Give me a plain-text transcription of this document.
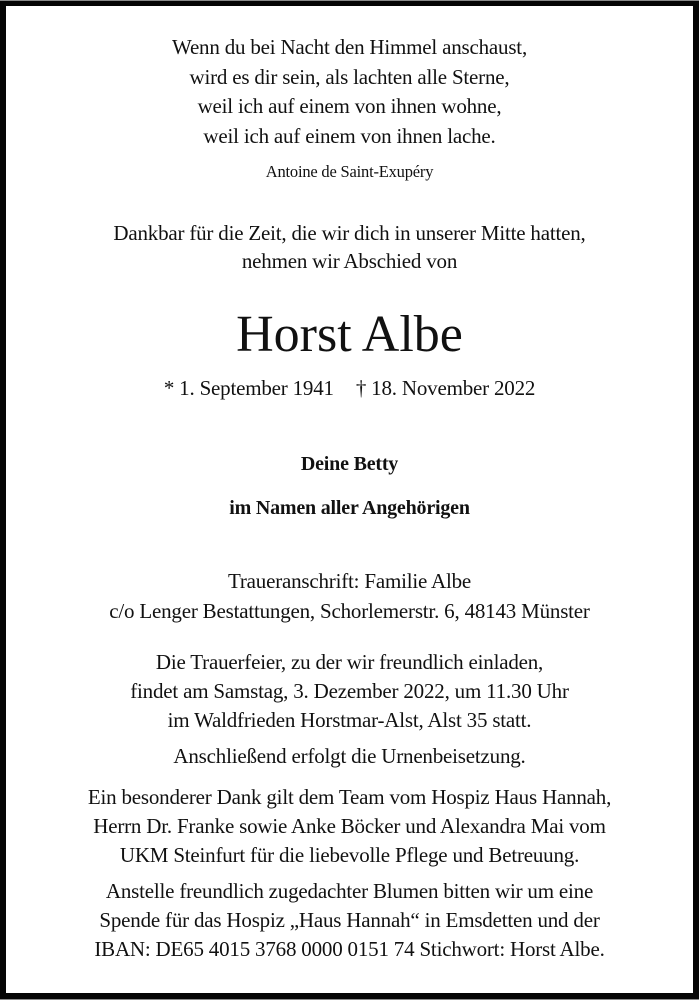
Wenn du bei Nacht den Himmel anschaust,
wird es dir sein, als lachten alle Sterne,
weil ich auf einem von ihnen wohne,
weil ich auf einem von ihnen lache.
Antoine de Saint-Exupéry
Dankbar für die Zeit, die wir dich in unserer Mitte hatten,
nehmen wir Abschied von
Horst Albe
* 1. September 1941 † 18. November 2022
Deine Betty
im Namen aller Angehörigen
Traueranschrift: Familie Albe
c/o Lenger Bestattungen, Schorlemerstr. 6, 48143 Münster
Die Trauerfeier, zu der wir freundlich einladen,
findet am Samstag, 3. Dezember 2022, um 11.30 Uhr
im Waldfrieden Horstmar-Alst, Alst 35 statt.
Anschließend erfolgt die Urnenbeisetzung.
Ein besonderer Dank gilt dem Team vom Hospiz Haus Hannah,
Herrn Dr. Franke sowie Anke Böcker und Alexandra Mai vom
UKM Steinfurt für die liebevolle Pflege und Betreuung.
Anstelle freundlich zugedachter Blumen bitten wir um eine
Spende für das Hospiz „Haus Hannah“ in Emsdetten und der
IBAN: DE65 4015 3768 0000 0151 74 Stichwort: Horst Albe.
